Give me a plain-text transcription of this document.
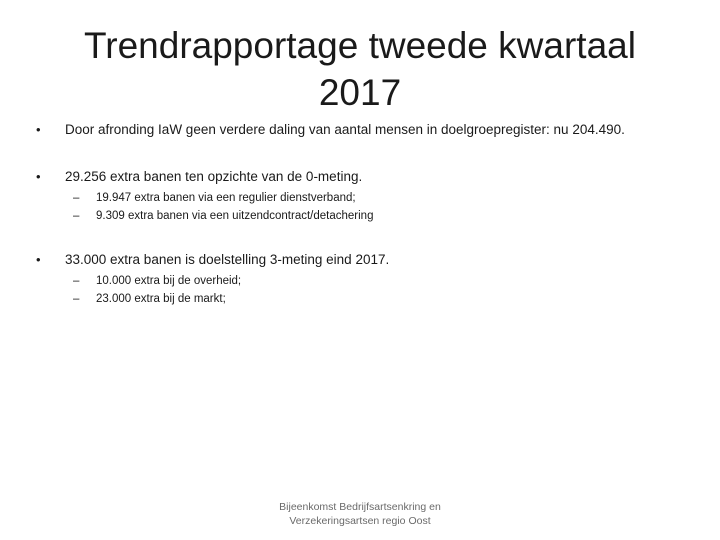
Trendrapportage tweede kwartaal
2017
• Door afronding IaW geen verdere daling van aantal mensen in doelgroepregister: nu 204.490.
• 29.256 extra banen ten opzichte van de 0-meting.
– 19.947 extra banen via een regulier dienstverband;
– 9.309 extra banen via een uitzendcontract/detachering
• 33.000 extra banen is doelstelling 3-meting eind 2017.
– 10.000 extra bij de overheid;
– 23.000 extra bij de markt;
Bijeenkomst Bedrijfsartsenkring en
Verzekeringsartsen regio Oost
